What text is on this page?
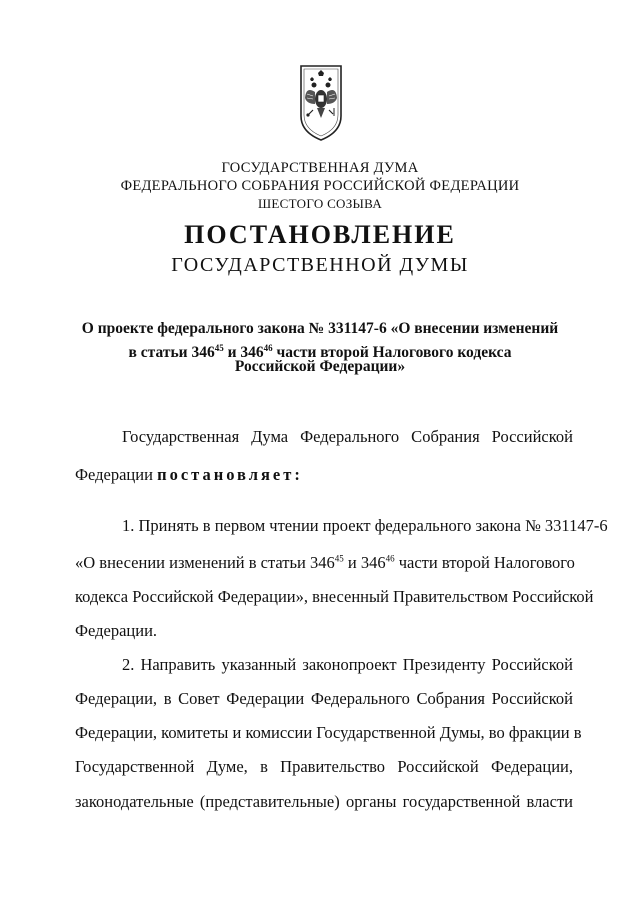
ГОСУДАРСТВЕННАЯ ДУМА
ФЕДЕРАЛЬНОГО СОБРАНИЯ РОССИЙСКОЙ ФЕДЕРАЦИИ
ШЕСТОГО СОЗЫВА
ПОСТАНОВЛЕНИЕ
ГОСУДАРСТВЕННОЙ ДУМЫ
О проекте федерального закона № 331147-6 «О внесении изменений
в статьи $346^{45}$ и $346^{46}$ части второй Налогового кодекса
Российской Федерации»
Государственная Дума Федерального Собрания Российской
Федерации постановляет:
1. Принять в первом чтении проект федерального закона № 331147-6
«О внесении изменений в статьи $346^{45}$ и $346^{46}$ части второй Налогового
кодекса Российской Федерации», внесенный Правительством Российской
Федерации.
2. Направить указанный законопроект Президенту Российской
Федерации, в Совет Федерации Федерального Собрания Российской
Федерации, комитеты и комиссии Государственной Думы, во фракции в
Государственной Думе, в Правительство Российской Федерации,
законодательные (представительные) органы государственной власти
